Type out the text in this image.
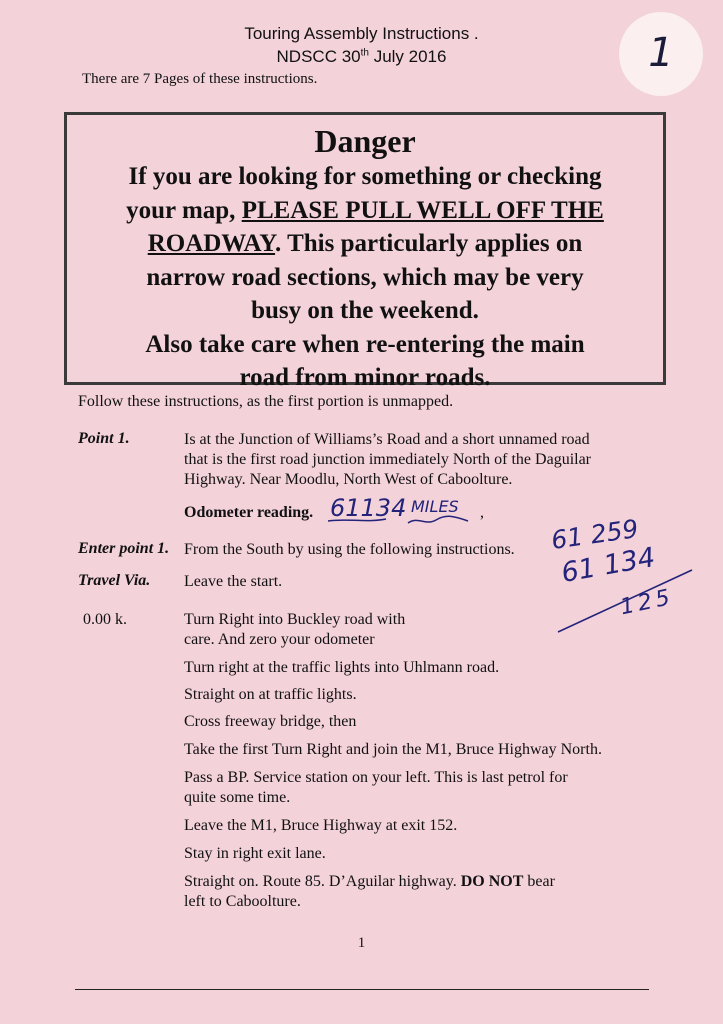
Touring Assembly Instructions .
NDSCC 30th July 2016
There are 7 Pages of these instructions.
1
Danger
If you are looking for something or checking
your map, PLEASE PULL WELL OFF THE
ROADWAY. This particularly applies on
narrow road sections, which may be very
busy on the weekend.
Also take care when re-entering the main
road from minor roads.
Follow these instructions, as the first portion is unmapped.
Point 1.	Is at the Junction of Williams’s Road and a short unnamed road
that is the first road junction immediately North of the Daguilar
Highway. Near Moodlu, North West of Caboolture.
Odometer reading. 61134 MILES ,
Enter point 1. From the South by using the following instructions.
Travel Via. Leave the start.
0.00 k.	Turn Right into Buckley road with
care. And zero your odometer
Turn right at the traffic lights into Uhlmann road.
Straight on at traffic lights.
Cross freeway bridge, then
Take the first Turn Right and join the M1, Bruce Highway North.
Pass a BP. Service station on your left. This is last petrol for
quite some time.
Leave the M1, Bruce Highway at exit 152.
Stay in right exit lane.
Straight on. Route 85. D’Aguilar highway. DO NOT bear
left to Caboolture.
61 259
61 134
125
1
